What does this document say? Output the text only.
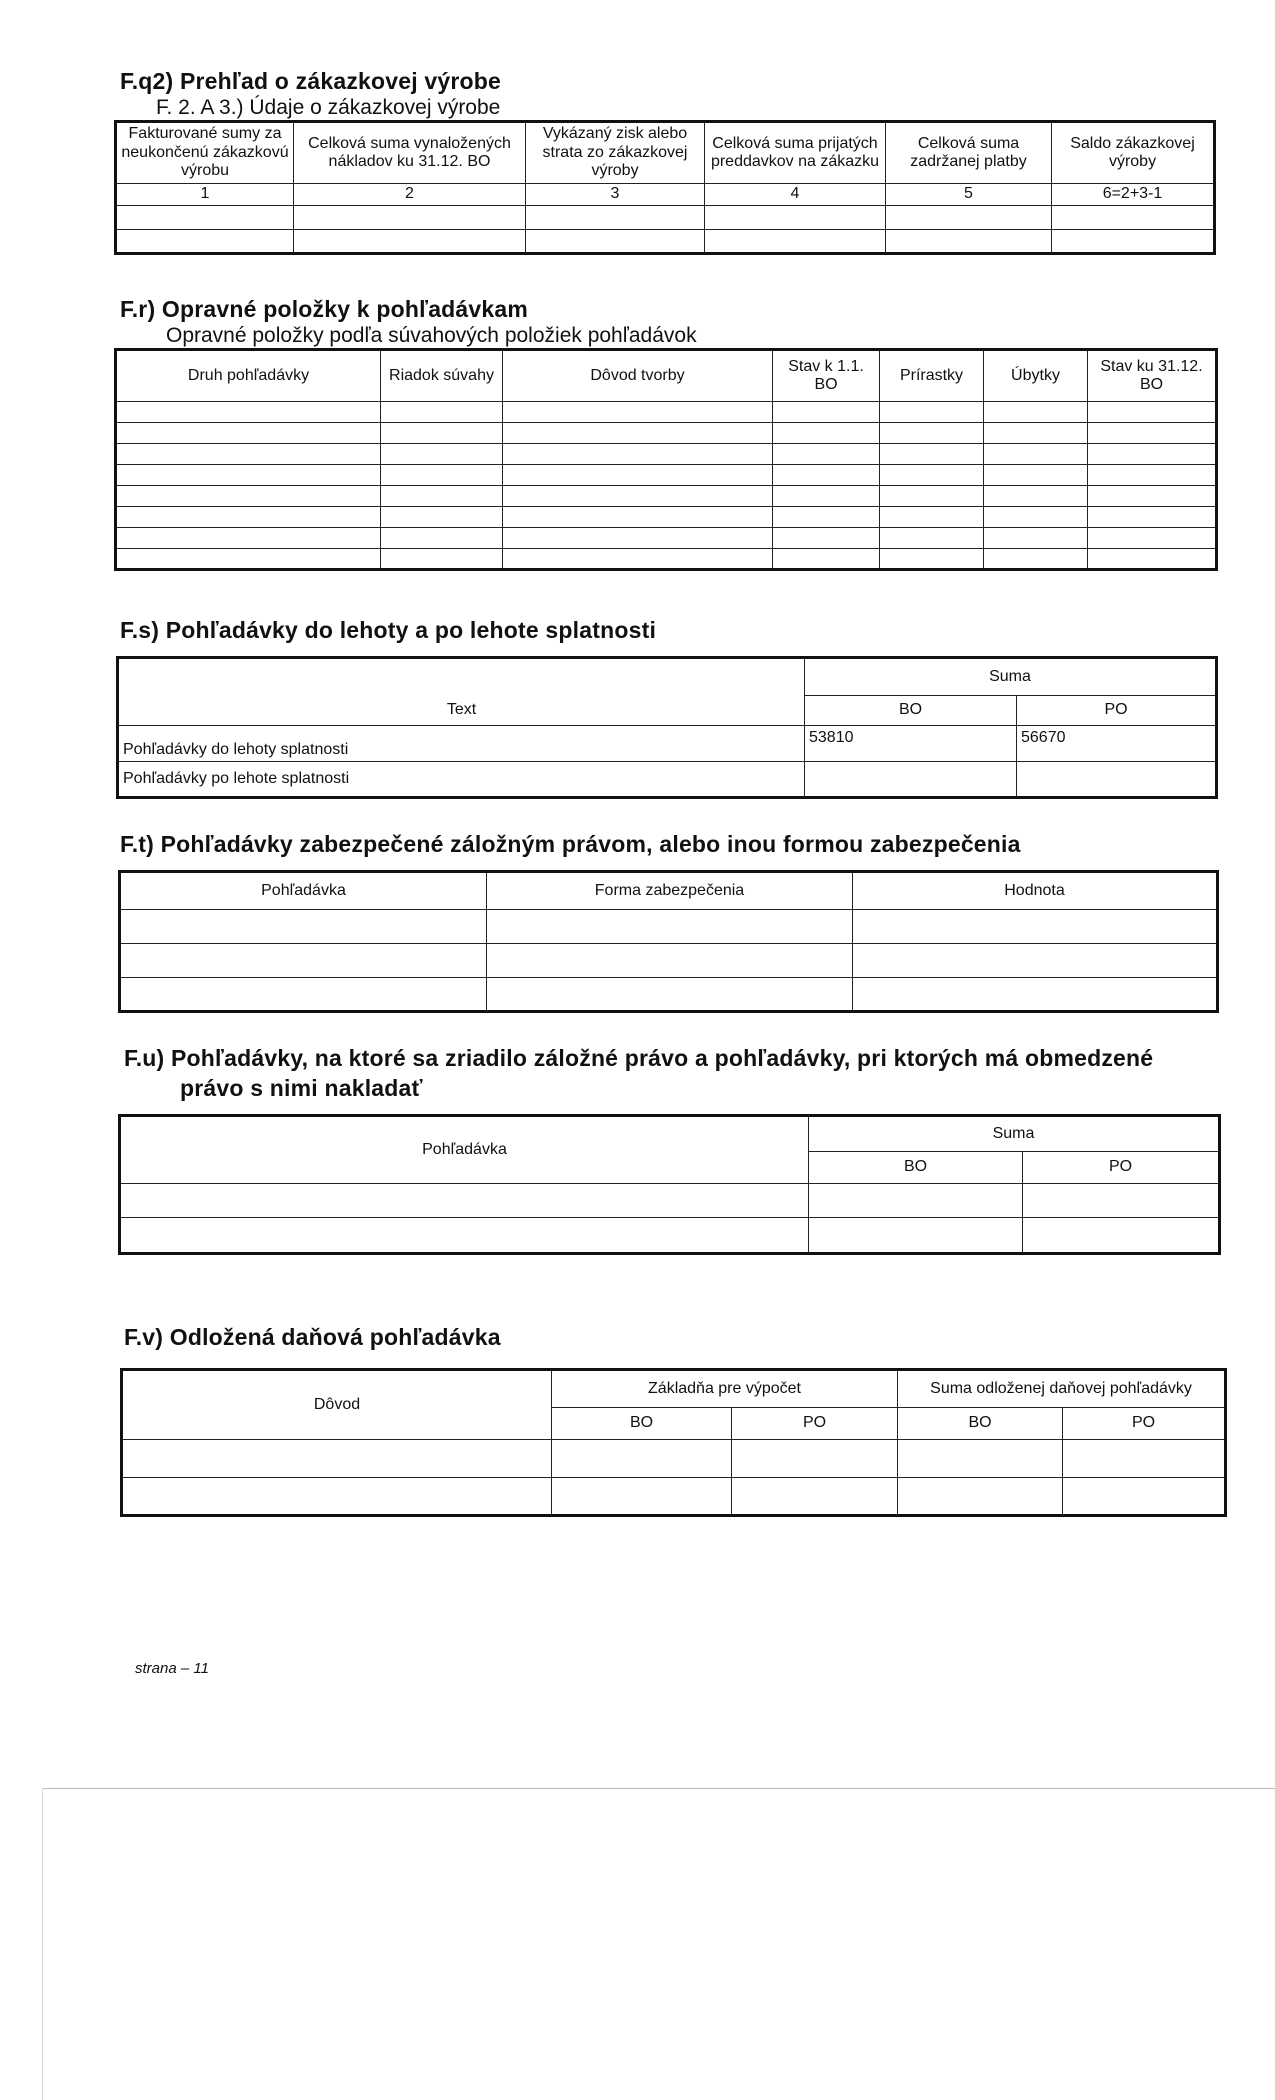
F.q2) Prehľad o zákazkovej výrobe
F. 2. A 3.) Údaje o zákazkovej výrobe
Fakturované sumy za neukončenú zákazkovú výrobu	Celková suma vynaložených nákladov ku 31.12. BO	Vykázaný zisk alebo strata zo zákazkovej výroby	Celková suma prijatých preddavkov na zákazku	Celková suma zadržanej platby	Saldo zákazkovej výroby
1	2	3	4	5	6=2+3-1

F.r) Opravné položky k pohľadávkam
Opravné položky podľa súvahových položiek pohľadávok
Druh pohľadávky	Riadok súvahy	Dôvod tvorby	Stav k 1.1. BO	Prírastky	Úbytky	Stav ku 31.12. BO

F.s) Pohľadávky do lehoty a po lehote splatnosti
Text	Suma	
	BO	PO
Pohľadávky do lehoty splatnosti	53810	56670
Pohľadávky po lehote splatnosti		
F.t) Pohľadávky zabezpečené záložným právom, alebo inou formou zabezpečenia
Pohľadávka	Forma zabezpečenia	Hodnota

F.u) Pohľadávky, na ktoré sa zriadilo záložné právo a pohľadávky, pri ktorých má obmedzené
právo s nimi nakladať
Pohľadávka	Suma	
	BO	PO

F.v) Odložená daňová pohľadávka
Dôvod	Základňa pre výpočet		Suma odloženej daňovej pohľadávky	
	BO	PO	BO	PO

strana – 11
